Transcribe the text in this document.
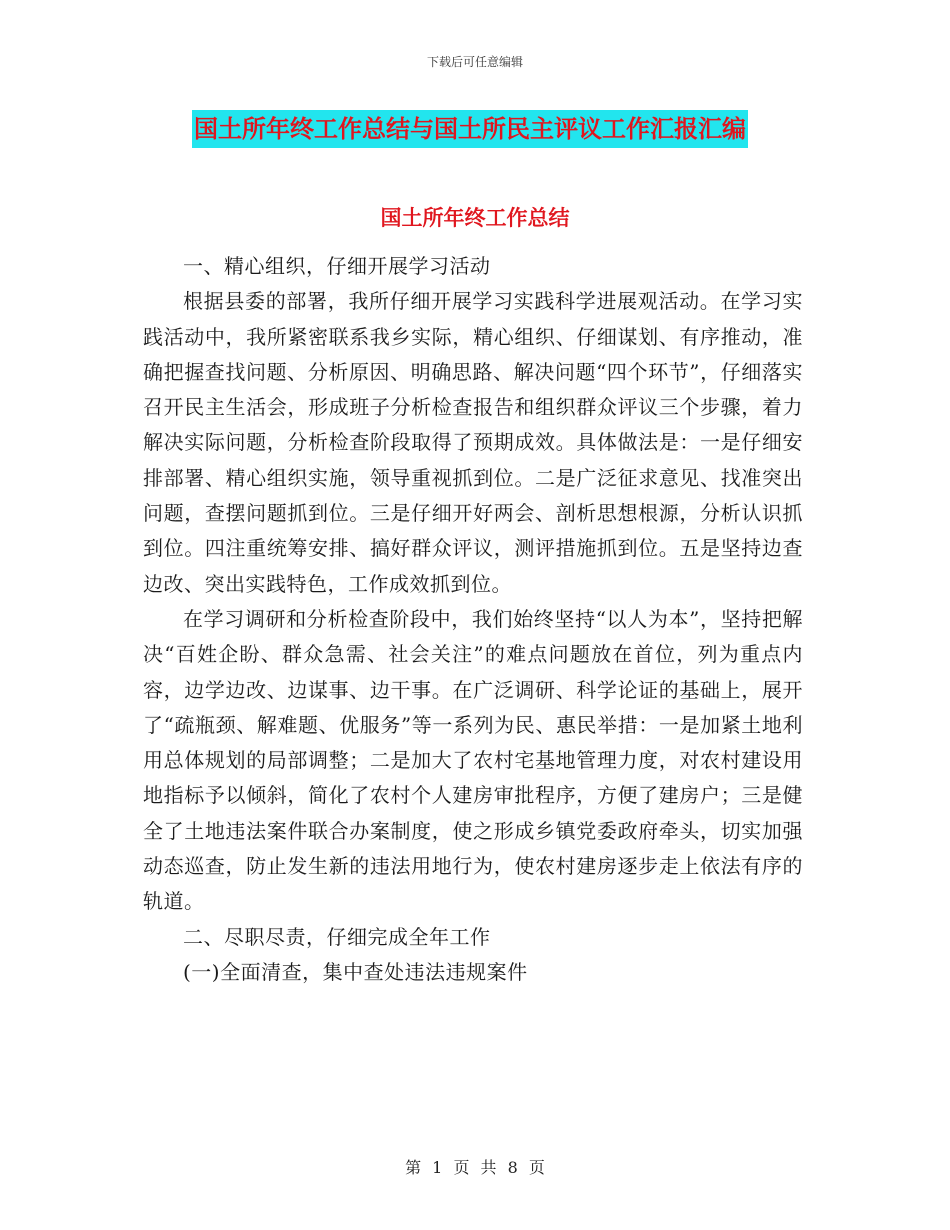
下载后可任意编辑
国土所年终工作总结与国土所民主评议工作汇报汇编
国土所年终工作总结

一、精心组织，仔细开展学习活动

根据县委的部署，我所仔细开展学习实践科学进展观活动。在学习实践活动中，我所紧密联系我乡实际，精心组织、仔细谋划、有序推动，准确把握查找问题、分析原因、明确思路、解决问题“四个环节”，仔细落实召开民主生活会，形成班子分析检查报告和组织群众评议三个步骤，着力解决实际问题，分析检查阶段取得了预期成效。具体做法是：一是仔细安排部署、精心组织实施，领导重视抓到位。二是广泛征求意见、找准突出问题，查摆问题抓到位。三是仔细开好两会、剖析思想根源，分析认识抓到位。四注重统筹安排、搞好群众评议，测评措施抓到位。五是坚持边查边改、突出实践特色，工作成效抓到位。

在学习调研和分析检查阶段中，我们始终坚持“以人为本”，坚持把解决“百姓企盼、群众急需、社会关注”的难点问题放在首位，列为重点内容，边学边改、边谋事、边干事。在广泛调研、科学论证的基础上，展开了“疏瓶颈、解难题、优服务”等一系列为民、惠民举措：一是加紧土地利用总体规划的局部调整；二是加大了农村宅基地管理力度，对农村建设用地指标予以倾斜，简化了农村个人建房审批程序，方便了建房户；三是健全了土地违法案件联合办案制度，使之形成乡镇党委政府牵头，切实加强动态巡查，防止发生新的违法用地行为，使农村建房逐步走上依法有序的轨道。

二、尽职尽责，仔细完成全年工作

(一)全面清查，集中查处违法违规案件

第 1 页 共 8 页
